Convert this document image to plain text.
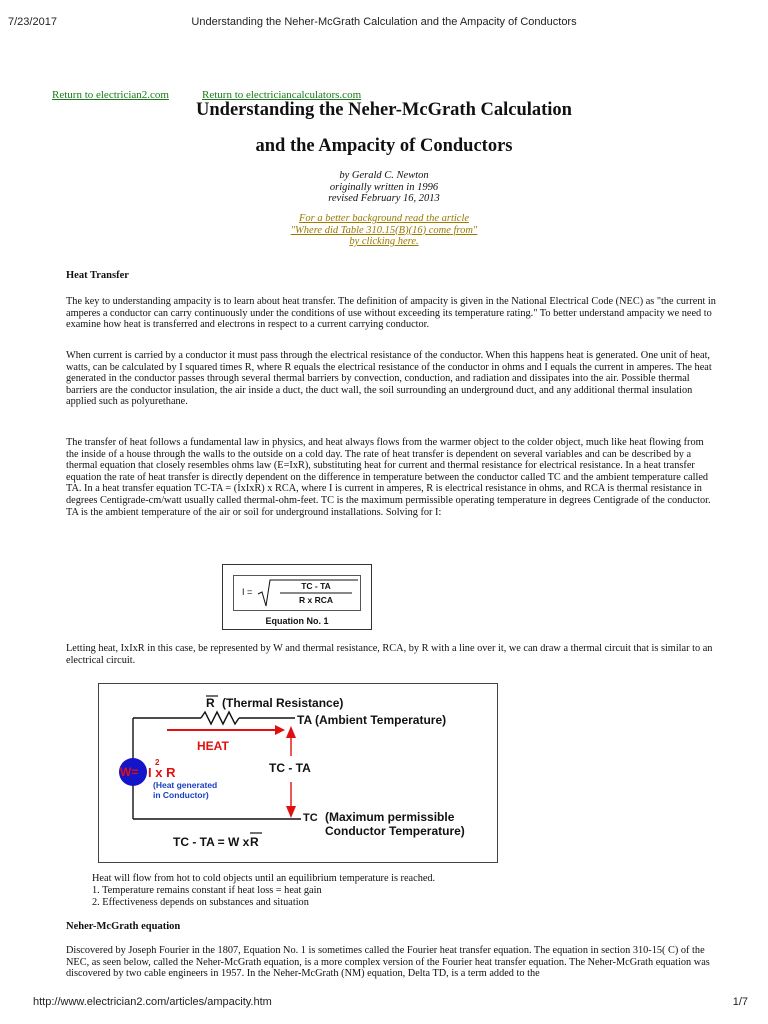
7/23/2017	Understanding the Neher-McGrath Calculation and the Ampacity of Conductors
Return to electrician2.com	Return to electriciancalculators.com
Understanding the Neher-McGrath Calculation
and the Ampacity of Conductors
by Gerald C. Newton
originally written in 1996
revised February 16, 2013
For a better background read the article
"Where did Table 310.15(B)(16) come from"
by clicking here.
Heat Transfer
The key to understanding ampacity is to learn about heat transfer. The definition of ampacity is given in the National Electrical Code (NEC) as "the current in amperes a conductor can carry continuously under the conditions of use without exceeding its temperature rating." To better understand ampacity we need to examine how heat is transferred and electrons in respect to a current carrying conductor.
When current is carried by a conductor it must pass through the electrical resistance of the conductor. When this happens heat is generated. One unit of heat, watts, can be calculated by I squared times R, where R equals the electrical resistance of the conductor in ohms and I equals the current in amperes. The heat generated in the conductor passes through several thermal barriers by convection, conduction, and radiation and dissipates into the air. Possible thermal barriers are the conductor insulation, the air inside a duct, the duct wall, the soil surrounding an underground duct, and any additional thermal insulation applied such as polyurethane.
The transfer of heat follows a fundamental law in physics, and heat always flows from the warmer object to the colder object, much like heat flowing from the inside of a house through the walls to the outside on a cold day. The rate of heat transfer is dependent on several variables and can be described by a thermal equation that closely resembles ohms law (E=IxR), substituting heat for current and thermal resistance for electrical resistance. In a heat transfer equation the rate of heat transfer is directly dependent on the difference in temperature between the conductor called TC and the ambient temperature called TA. In a heat transfer equation TC-TA = (IxIxR) x RCA, where I is current in amperes, R is electrical resistance in ohms, and RCA is thermal resistance in degrees Centigrade-cm/watt usually called thermal-ohm-feet. TC is the maximum permissible operating temperature in degrees Centigrade of the conductor. TA is the ambient temperature of the air or soil for underground installations. Solving for I:
I =
TC - TA
R x RCA
Equation No. 1
Letting heat, IxIxR in this case, be represented by W and thermal resistance, RCA, by R with a line over it, we can draw a thermal circuit that is similar to an electrical circuit.
R (Thermal Resistance)
TA (Ambient Temperature)
HEAT
W= I x R
2
(Heat generated
in Conductor)
TC - TA
TC (Maximum permissible
Conductor Temperature)
TC - TA = W x R
Heat will flow from hot to cold objects until an equilibrium temperature is reached.
1. Temperature remains constant if heat loss = heat gain
2. Effectiveness depends on substances and situation
Neher-McGrath equation
Discovered by Joseph Fourier in the 1807, Equation No. 1 is sometimes called the Fourier heat transfer equation. The equation in section 310-15( C) of the NEC, as seen below, called the Neher-McGrath equation, is a more complex version of the Fourier heat transfer equation. The Neher-McGrath equation was discovered by two cable engineers in 1957. In the Neher-McGrath (NM) equation, Delta TD, is a term added to the
http://www.electrician2.com/articles/ampacity.htm	1/7
